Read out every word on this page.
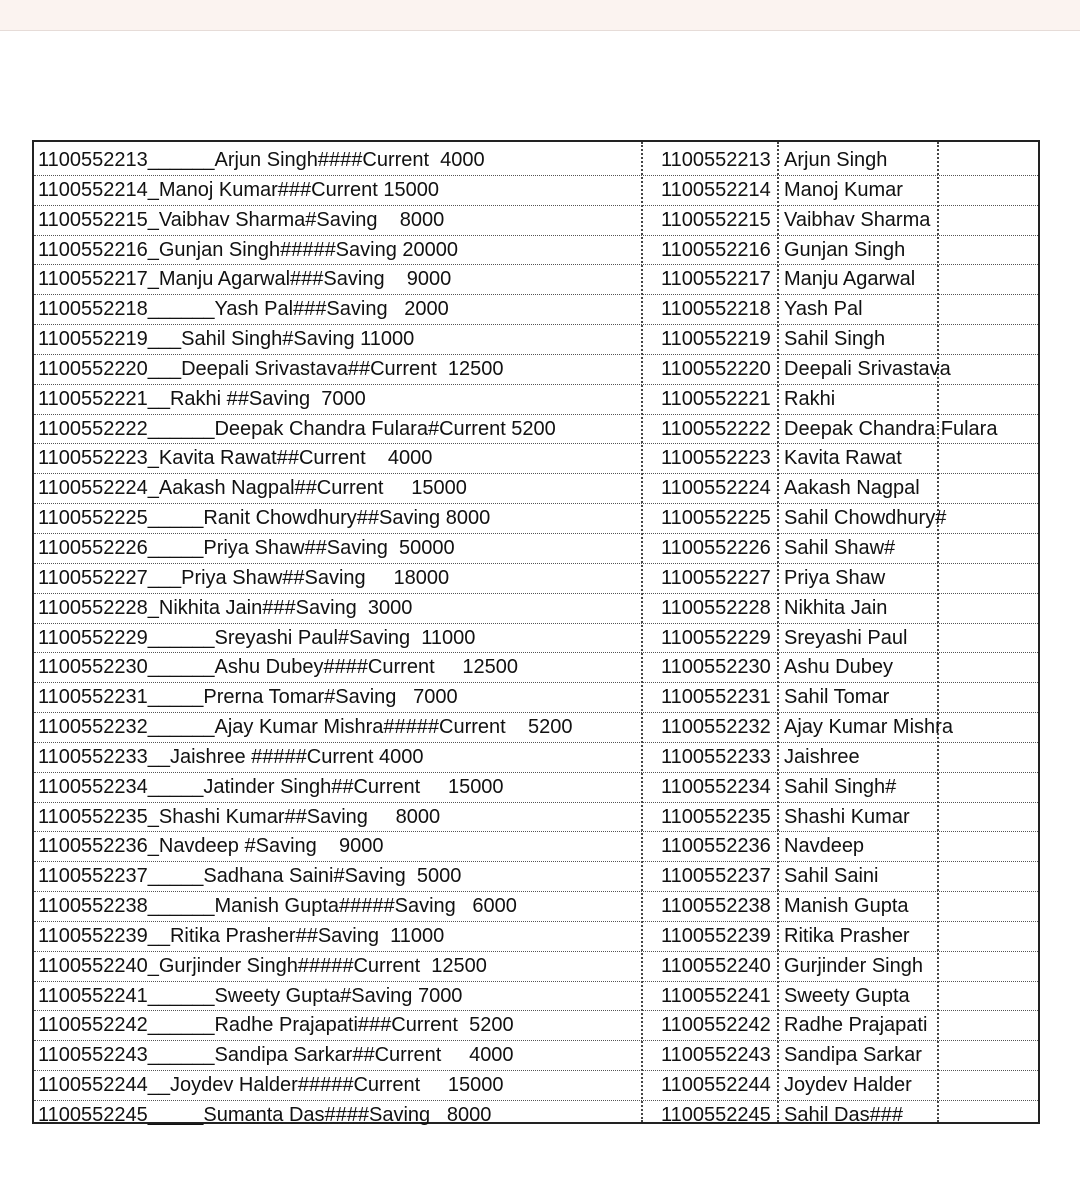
1100552213______Arjun Singh####Current  4000	1100552213 Arjun Singh
1100552214_Manoj Kumar###Current 15000	1100552214 Manoj Kumar
1100552215_Vaibhav Sharma#Saving    8000	1100552215 Vaibhav Sharma
1100552216_Gunjan Singh#####Saving 20000	1100552216 Gunjan Singh
1100552217_Manju Agarwal###Saving    9000	1100552217 Manju Agarwal
1100552218______Yash Pal###Saving   2000	1100552218 Yash Pal
1100552219___Sahil Singh#Saving 11000	1100552219 Sahil Singh
1100552220___Deepali Srivastava##Current  12500	1100552220 Deepali Srivastava
1100552221__Rakhi ##Saving  7000	1100552221 Rakhi
1100552222______Deepak Chandra Fulara#Current 5200	1100552222 Deepak Chandra Fulara
1100552223_Kavita Rawat##Current    4000	1100552223 Kavita Rawat
1100552224_Aakash Nagpal##Current     15000	1100552224 Aakash Nagpal
1100552225_____Ranit Chowdhury##Saving 8000	1100552225 Sahil Chowdhury#
1100552226_____Priya Shaw##Saving  50000	1100552226 Sahil Shaw#
1100552227___Priya Shaw##Saving     18000	1100552227 Priya Shaw
1100552228_Nikhita Jain###Saving  3000	1100552228 Nikhita Jain
1100552229______Sreyashi Paul#Saving  11000	1100552229 Sreyashi Paul
1100552230______Ashu Dubey####Current     12500	1100552230 Ashu Dubey
1100552231_____Prerna Tomar#Saving   7000	1100552231 Sahil Tomar
1100552232______Ajay Kumar Mishra#####Current    5200	1100552232 Ajay Kumar Mishra
1100552233__Jaishree #####Current 4000	1100552233 Jaishree
1100552234_____Jatinder Singh##Current     15000	1100552234 Sahil Singh#
1100552235_Shashi Kumar##Saving     8000	1100552235 Shashi Kumar
1100552236_Navdeep #Saving    9000	1100552236 Navdeep
1100552237_____Sadhana Saini#Saving  5000	1100552237 Sahil Saini
1100552238______Manish Gupta#####Saving   6000	1100552238 Manish Gupta
1100552239__Ritika Prasher##Saving  11000	1100552239 Ritika Prasher
1100552240_Gurjinder Singh#####Current  12500	1100552240 Gurjinder Singh
1100552241______Sweety Gupta#Saving 7000	1100552241 Sweety Gupta
1100552242______Radhe Prajapati###Current  5200	1100552242 Radhe Prajapati
1100552243______Sandipa Sarkar##Current     4000	1100552243 Sandipa Sarkar
1100552244__Joydev Halder#####Current     15000	1100552244 Joydev Halder
1100552245_____Sumanta Das####Saving   8000	1100552245 Sahil Das###
